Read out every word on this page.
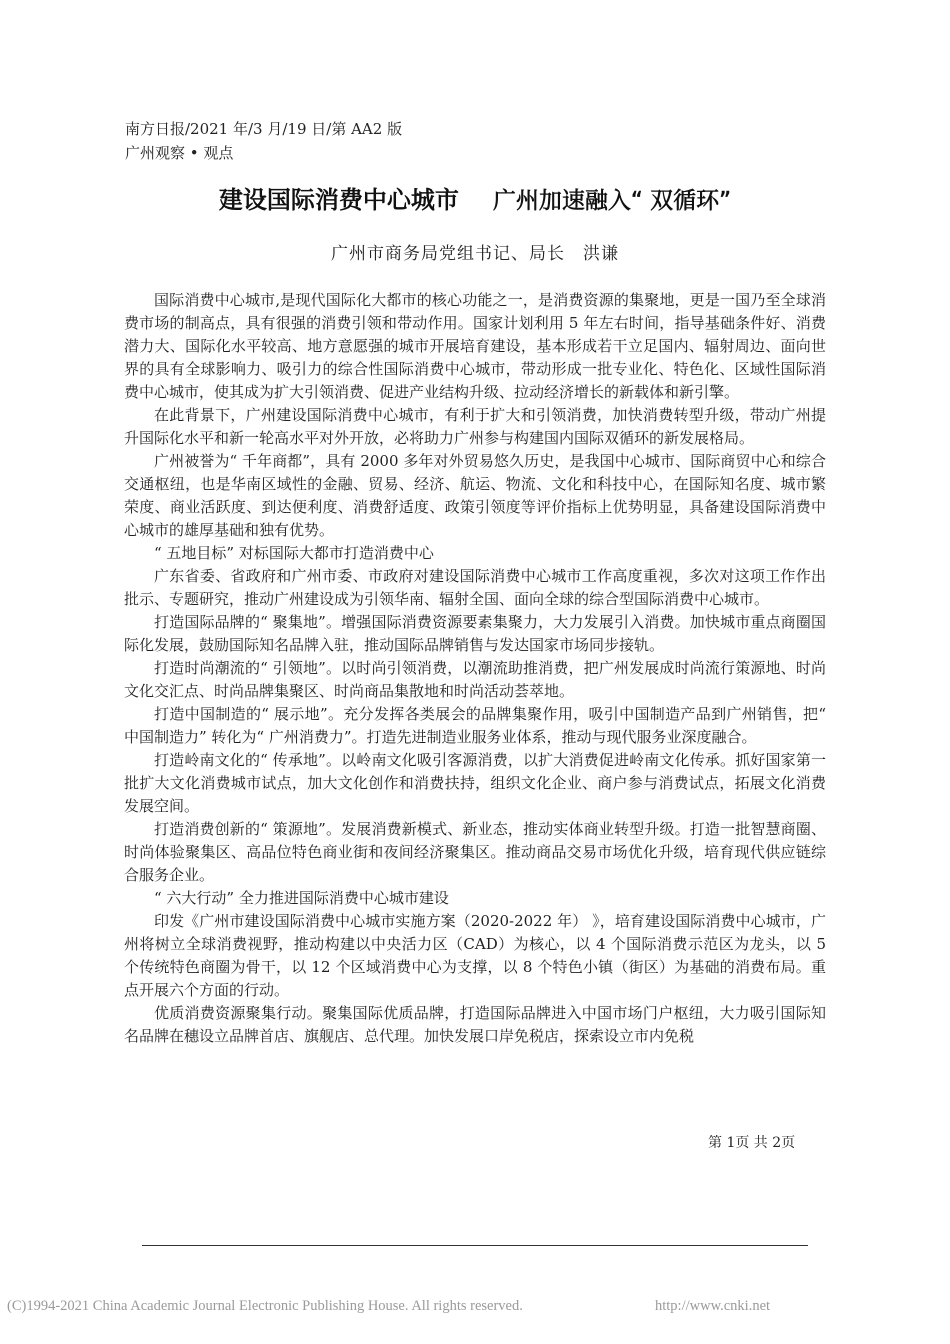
南方日报/2021 年/3 月/19 日/第 AA2 版广州观察 • 观点
建设国际消费中心城市 广州加速融入“ 双循环”
广州市商务局党组书记、局长　洪谦

国际消费中心城市,是现代国际化大都市的核心功能之一，是消费资源的集聚地，更是一国乃至全球消费市场的制高点，具有很强的消费引领和带动作用。国家计划利用 5 年左右时间，指导基础条件好、消费潜力大、国际化水平较高、地方意愿强的城市开展培育建设，基本形成若干立足国内、辐射周边、面向世界的具有全球影响力、吸引力的综合性国际消费中心城市，带动形成一批专业化、特色化、区域性国际消费中心城市，使其成为扩大引领消费、促进产业结构升级、拉动经济增长的新载体和新引擎。

在此背景下，广州建设国际消费中心城市，有利于扩大和引领消费，加快消费转型升级，带动广州提升国际化水平和新一轮高水平对外开放，必将助力广州参与构建国内国际双循环的新发展格局。

广州被誉为“ 千年商都”，具有 2000 多年对外贸易悠久历史，是我国中心城市、国际商贸中心和综合交通枢纽，也是华南区域性的金融、贸易、经济、航运、物流、文化和科技中心，在国际知名度、城市繁荣度、商业活跃度、到达便利度、消费舒适度、政策引领度等评价指标上优势明显，具备建设国际消费中心城市的雄厚基础和独有优势。

“ 五地目标” 对标国际大都市打造消费中心

广东省委、省政府和广州市委、市政府对建设国际消费中心城市工作高度重视，多次对这项工作作出批示、专题研究，推动广州建设成为引领华南、辐射全国、面向全球的综合型国际消费中心城市。

打造国际品牌的“ 聚集地”。增强国际消费资源要素集聚力，大力发展引入消费。加快城市重点商圈国际化发展，鼓励国际知名品牌入驻，推动国际品牌销售与发达国家市场同步接轨。

打造时尚潮流的“ 引领地”。以时尚引领消费，以潮流助推消费，把广州发展成时尚流行策源地、时尚文化交汇点、时尚品牌集聚区、时尚商品集散地和时尚活动荟萃地。

打造中国制造的“ 展示地”。充分发挥各类展会的品牌集聚作用，吸引中国制造产品到广州销售，把“ 中国制造力” 转化为“ 广州消费力”。打造先进制造业服务业体系，推动与现代服务业深度融合。

打造岭南文化的“ 传承地”。以岭南文化吸引客源消费，以扩大消费促进岭南文化传承。抓好国家第一批扩大文化消费城市试点，加大文化创作和消费扶持，组织文化企业、商户参与消费试点，拓展文化消费发展空间。

打造消费创新的“ 策源地”。发展消费新模式、新业态，推动实体商业转型升级。打造一批智慧商圈、时尚体验聚集区、高品位特色商业街和夜间经济聚集区。推动商品交易市场优化升级，培育现代供应链综合服务企业。

“ 六大行动” 全力推进国际消费中心城市建设

印发《广州市建设国际消费中心城市实施方案（2020-2022 年） 》，培育建设国际消费中心城市，广州将树立全球消费视野，推动构建以中央活力区（CAD）为核心，以 4 个国际消费示范区为龙头，以 5 个传统特色商圈为骨干，以 12 个区域消费中心为支撑，以 8 个特色小镇（街区）为基础的消费布局。重点开展六个方面的行动。

优质消费资源聚集行动。聚集国际优质品牌，打造国际品牌进入中国市场门户枢纽，大力吸引国际知名品牌在穗设立品牌首店、旗舰店、总代理。加快发展口岸免税店，探索设立市内免税

第 1页 共 2页
(C)1994-2021 China Academic Journal Electronic Publishing House. All rights reserved.	http://www.cnki.net
